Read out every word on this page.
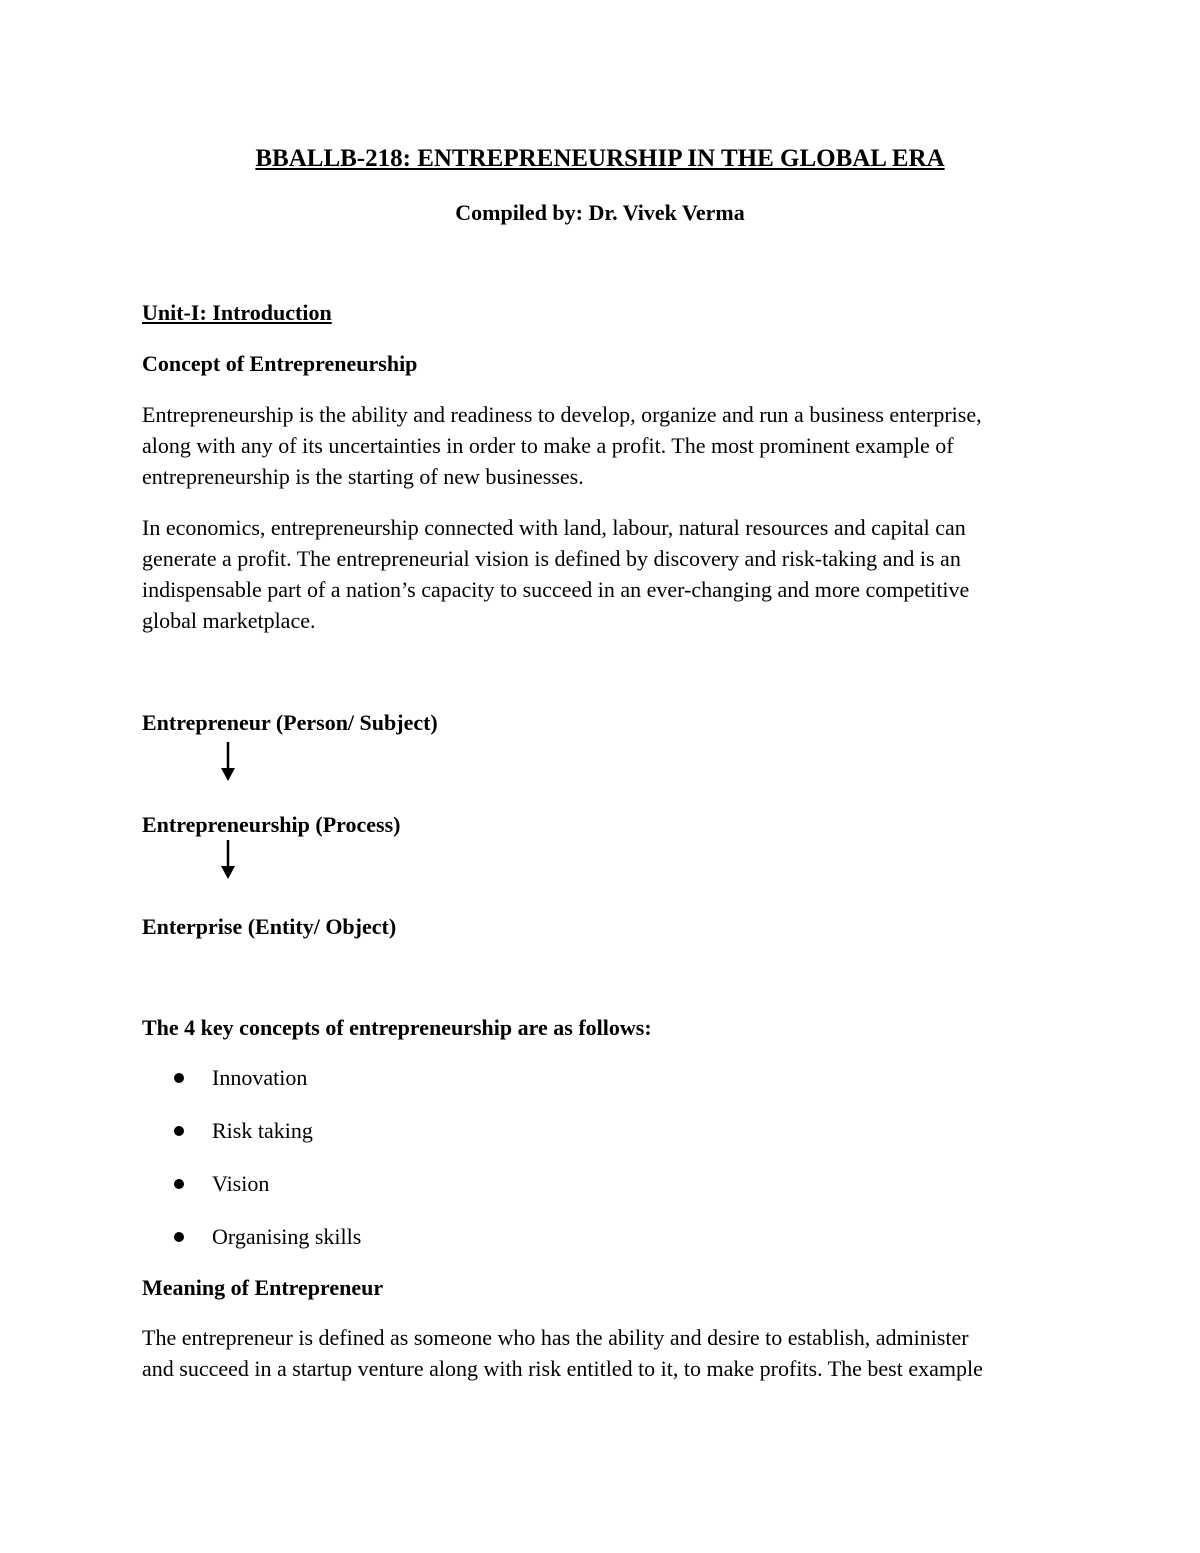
BBALLB-218: ENTREPRENEURSHIP IN THE GLOBAL ERA
Compiled by: Dr. Vivek Verma
Unit-I: Introduction
Concept of Entrepreneurship
Entrepreneurship is the ability and readiness to develop, organize and run a business enterprise,
along with any of its uncertainties in order to make a profit. The most prominent example of
entrepreneurship is the starting of new businesses.
In economics, entrepreneurship connected with land, labour, natural resources and capital can
generate a profit. The entrepreneurial vision is defined by discovery and risk-taking and is an
indispensable part of a nation’s capacity to succeed in an ever-changing and more competitive
global marketplace.
Entrepreneur (Person/ Subject)
Entrepreneurship (Process)
Enterprise (Entity/ Object)
The 4 key concepts of entrepreneurship are as follows:
Innovation
Risk taking
Vision
Organising skills
Meaning of Entrepreneur
The entrepreneur is defined as someone who has the ability and desire to establish, administer
and succeed in a startup venture along with risk entitled to it, to make profits. The best example
